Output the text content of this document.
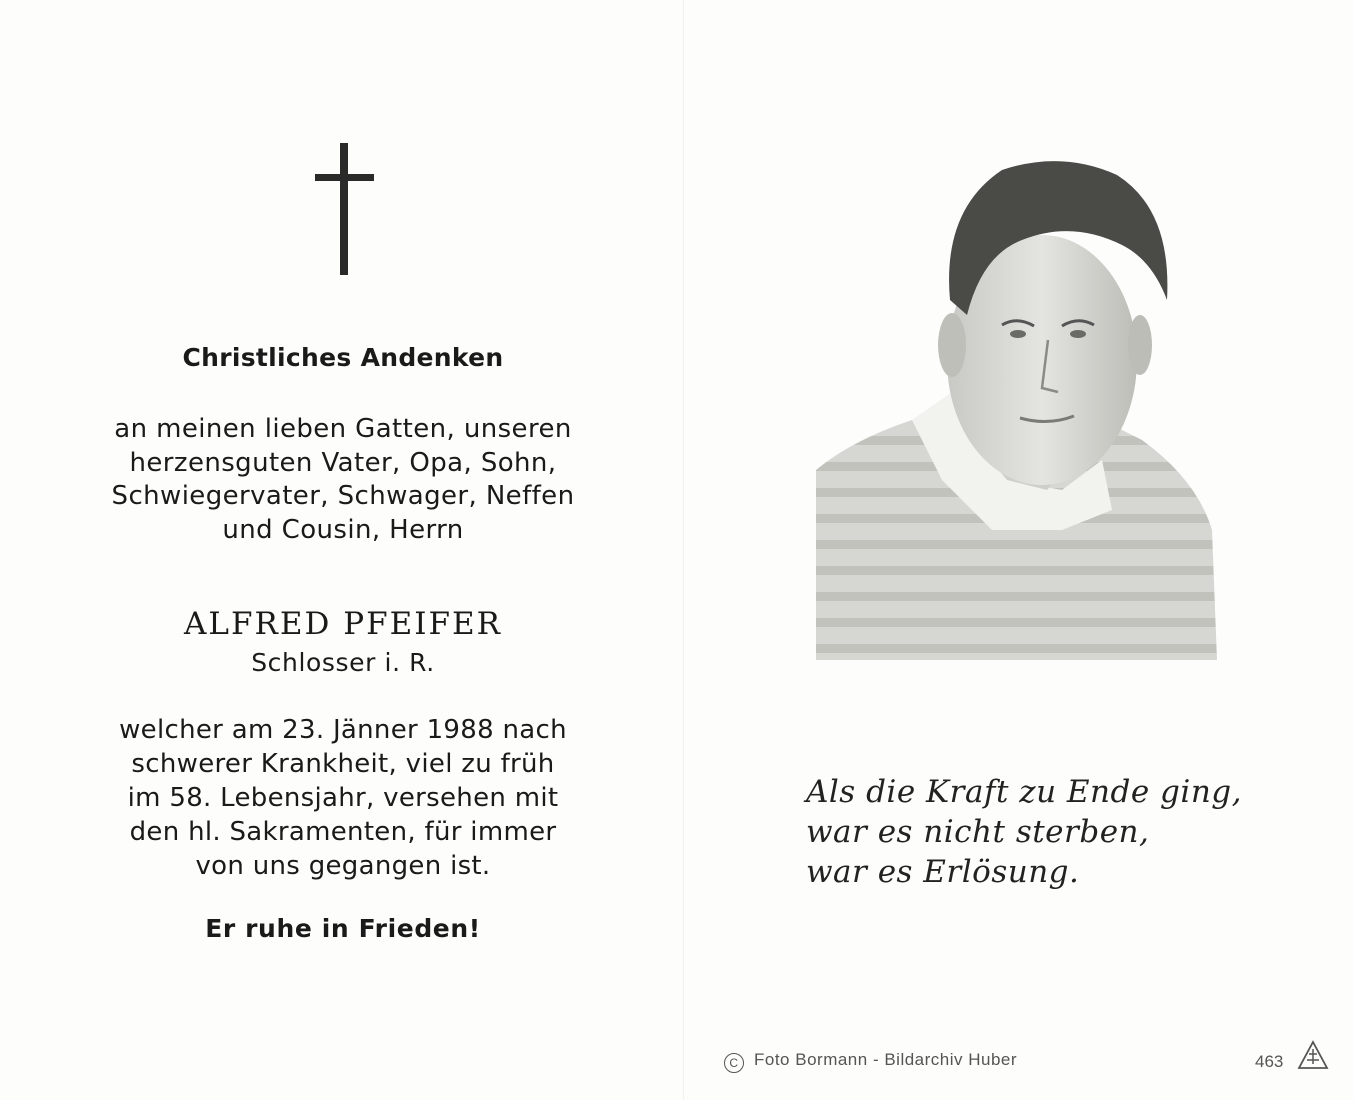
Christliches Andenken
an meinen lieben Gatten, unseren
herzensguten Vater, Opa, Sohn,
Schwiegervater, Schwager, Neffen
und Cousin, Herrn
ALFRED PFEIFER
Schlosser i. R.
welcher am 23. Jänner 1988 nach
schwerer Krankheit, viel zu früh
im 58. Lebensjahr, versehen mit
den hl. Sakramenten, für immer
von uns gegangen ist.
Er ruhe in Frieden!
Als die Kraft zu Ende ging,
war es nicht sterben,
war es Erlösung.
C Foto Bormann - Bildarchiv Huber	463
